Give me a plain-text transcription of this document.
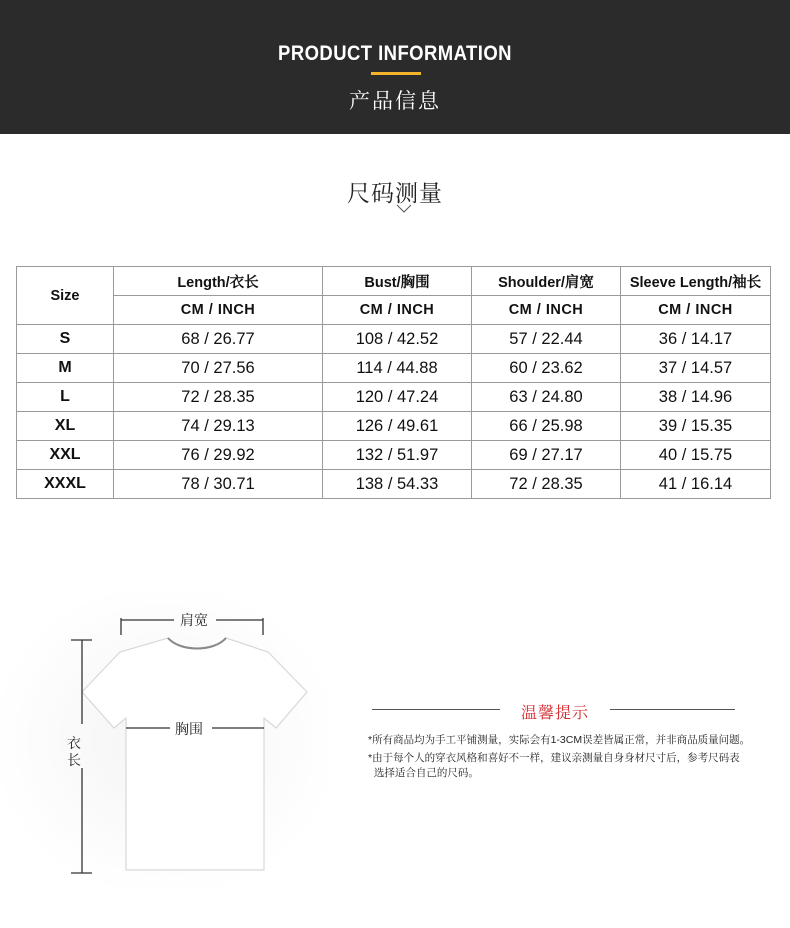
PRODUCT INFORMATION
产品信息
尺码测量
Size	Length/衣长	Bust/胸围	Shoulder/肩宽	Sleeve Length/袖长
	CM / INCH	CM / INCH	CM / INCH	CM / INCH
S	68 / 26.77	108 / 42.52	57 / 22.44	36 / 14.17
M	70 / 27.56	114 / 44.88	60 / 23.62	37 / 14.57
L	72 / 28.35	120 / 47.24	63 / 24.80	38 / 14.96
XL	74 / 29.13	126 / 49.61	66 / 25.98	39 / 15.35
XXL	76 / 29.92	132 / 51.97	69 / 27.17	40 / 15.75
XXXL	78 / 30.71	138 / 54.33	72 / 28.35	41 / 16.14
肩宽
胸围
衣
长
温馨提示
*所有商品均为手工平铺测量，实际会有1-3CM误差皆属正常，并非商品质量问题。
*由于每个人的穿衣风格和喜好不一样，建议亲测量自身身材尺寸后，参考尺码表
选择适合自己的尺码。
